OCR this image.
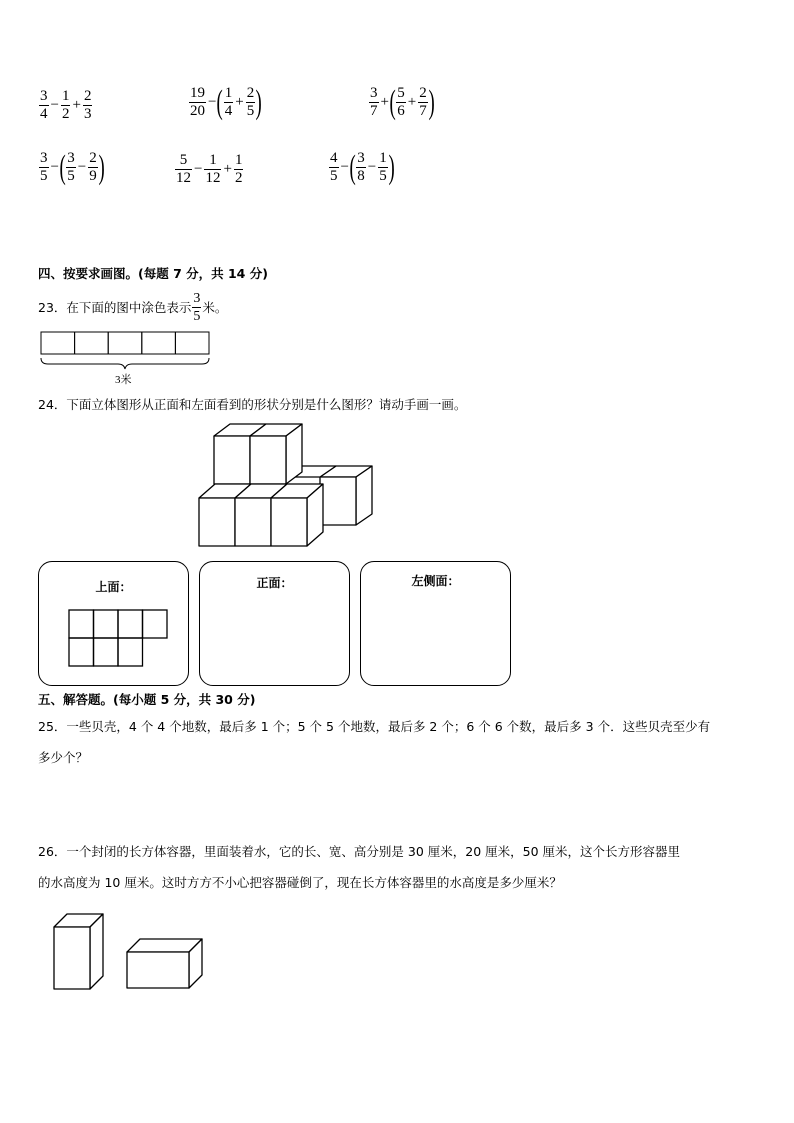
$\frac{3}{4} - \frac{1}{2} + \frac{2}{3}$	$\frac{19}{20}$ − ( $\frac{1}{4} + \frac{2}{5}$ )	$\frac{3}{7}$ + ( $\frac{5}{6} + \frac{2}{7}$ )
$\frac{3}{5}$ − ( $\frac{3}{5} - \frac{2}{9}$ )	$\frac{5}{12} - \frac{1}{12} + \frac{1}{2}$	$\frac{4}{5}$ − ( $\frac{3}{8} - \frac{1}{5}$ )
四、按要求画图。(每题 7 分，共 14 分)
23．在下面的图中涂色表示 $\frac{3}{5}$ 米。
3米
24．下面立体图形从正面和左面看到的形状分别是什么图形？请动手画一画。
上面：	正面：	左侧面：
五、解答题。(每小题 5 分，共 30 分)
25．一些贝壳，4 个 4 个地数，最后多 1 个；5 个 5 个地数，最后多 2 个；6 个 6 个数，最后多 3 个．这些贝壳至少有
多少个？
26．一个封闭的长方体容器，里面装着水，它的长、宽、高分别是 30 厘米，20 厘米，50 厘米，这个长方形容器里
的水高度为 10 厘米。这时方方不小心把容器碰倒了，现在长方体容器里的水高度是多少厘米？
